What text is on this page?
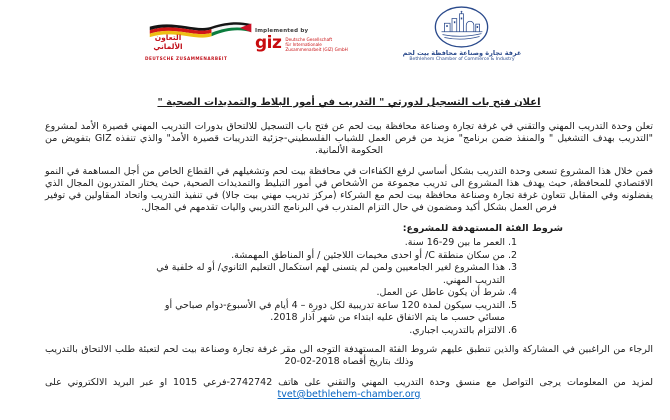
التعاون
الألماني
DEUTSCHE ZUSAMMENARBEIT
Implemented by
giz Deutsche Gesellschaft
für Internationale
Zusammenarbeit (GIZ) GmbH	غرفة تجارة وصناعة محافظة بيت لحم
Bethlehem Chamber of Commerce & Industry
اعلان فتح باب التسجيل لدورتي " التدريب في أمور البلاط والتمديدات الصحية "

تعلن وحدة التدريب المهني والتقني في غرفة تجارة وصناعة محافظة بيت لحم عن فتح باب التسجيل للالتحاق بدورات التدريب المهني قصيرة الأمد لمشروع "التدريب بهدف التشغيل " والمنفذ ضمن برنامج" مزيد من فرص العمل للشباب الفلسطيني-جزئية التدريبات قصيرة الأمد" والذي تنفذه GIZ بتفويض من الحكومة الألمانية.

فمن خلال هذا المشروع تسعى وحدة التدريب بشكل أساسي لرفع الكفاءات في محافظة بيت لحم وتشغيلهم في القطاع الخاص من أجل المساهمة في النمو الاقتصادي للمحافظة, حيث يهدف هذا المشروع الى تدريب مجموعة من الأشخاص في أمور التبليط والتمديدات الصحية, حيث يختار المتدربون المجال الذي يفضلونه وفي المقابل تتعاون غرفة تجارة وصناعة محافظة بيت لحم مع الشركاء (مركز تدريب مهني بيت جالا) في تنفيذ التدريب واتحاد المقاولين في توفير فرص العمل بشكل أكيد ومضمون في حال التزام المتدرب في البرنامج التدريبي واليات تقدمهم في المجال.

شروط الفئة المستهدفة للمشروع:
1. العمر ما بين 29-16 سنة.
2. من سكان منطقة C/ أو احدى مخيمات اللاجئين / أو المناطق المهمشة.
3. هذا المشروع لغير الجامعيين ولمن لم يتسنى لهم استكمال التعليم الثانوي/ أو له خلفية في التدريب المهني.
4. شرط أن يكون عاطل عن العمل.
5. التدريب سيكون لمدة 120 ساعة تدريبية لكل دورة – 4 أيام في الأسبوع-دوام صباحي أو مسائي حسب ما يتم الاتفاق عليه ابتداء من شهر آذار 2018.
6. الالتزام بالتدريب اجباري.

الرجاء من الراغبين في المشاركة والذين تنطبق عليهم شروط الفئة المستهدفة التوجه الى مقر غرفة تجارة وصناعة بيت لحم لتعبئة طلب الالتحاق بالتدريب وذلك بتاريخ أقصاه 2018-02-20

لمزيد من المعلومات يرجى التواصل مع منسق وحدة التدريب المهني والتقني على هاتف 2742742-فرعي 1015 او عبر البريد الالكتروني على tvet@bethlehem-chamber.org
